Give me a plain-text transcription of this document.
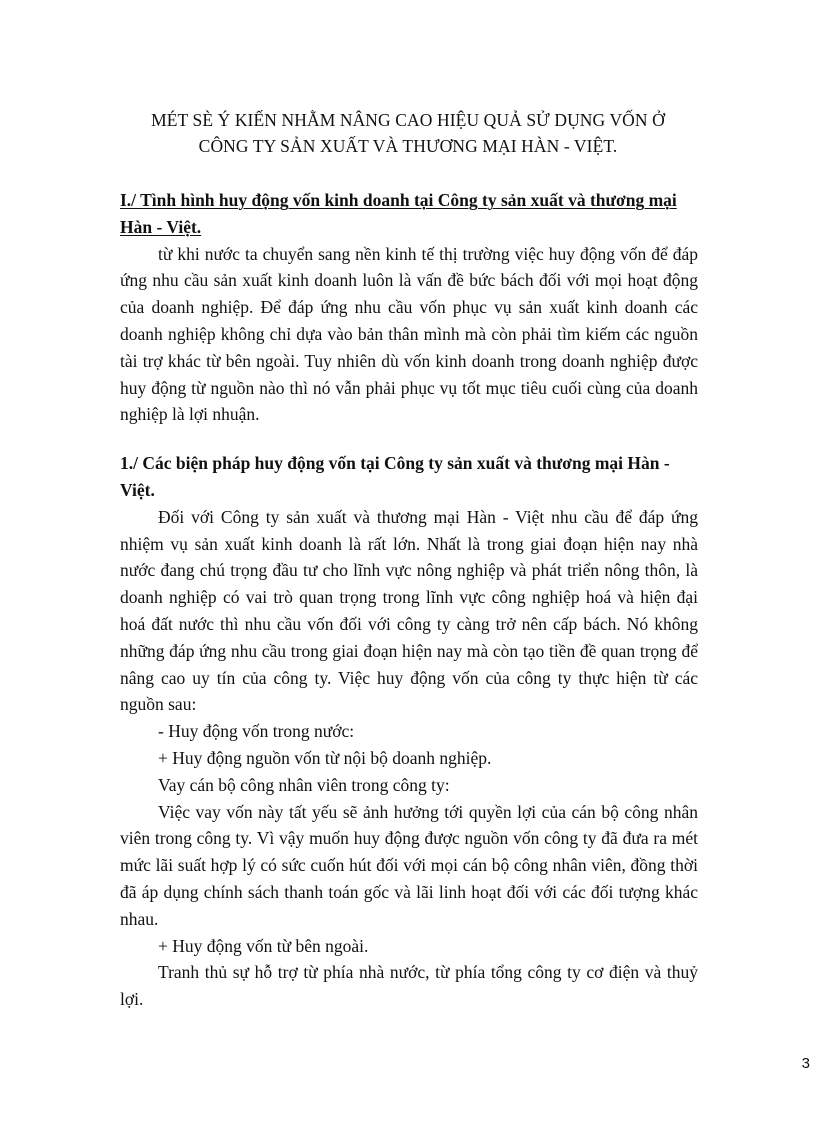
MÉT SÈ Ý KIẾN NHẰM NÂNG CAO HIỆU QUẢ SỬ DỤNG VỐN Ở
CÔNG TY SẢN XUẤT VÀ THƯƠNG MẠI HÀN - VIỆT.
I./ Tình hình huy động vốn kinh doanh tại Công ty sản xuất và thương mại Hàn - Việt.

từ khi nước ta chuyển sang nền kinh tế thị trường việc huy động vốn để đáp ứng nhu cầu sản xuất kinh doanh luôn là vấn đề bức bách đối với mọi hoạt động của doanh nghiệp. Để đáp ứng nhu cầu vốn phục vụ sản xuất kinh doanh các doanh nghiệp không chỉ dựa vào bản thân mình mà còn phải tìm kiếm các nguồn tài trợ khác từ bên ngoài. Tuy nhiên dù vốn kinh doanh trong doanh nghiệp được huy động từ nguồn nào thì nó vẫn phải phục vụ tốt mục tiêu cuối cùng của doanh nghiệp là lợi nhuận.

1./ Các biện pháp huy động vốn tại Công ty sản xuất và thương mại Hàn - Việt.

Đối với Công ty sản xuất và thương mại Hàn - Việt nhu cầu để đáp ứng nhiệm vụ sản xuất kinh doanh là rất lớn. Nhất là trong giai đoạn hiện nay nhà nước đang chú trọng đầu tư cho lĩnh vực nông nghiệp và phát triển nông thôn, là doanh nghiệp có vai trò quan trọng trong lĩnh vực công nghiệp hoá và hiện đại hoá đất nước thì nhu cầu vốn đối với công ty càng trở nên cấp bách. Nó không những đáp ứng nhu cầu trong giai đoạn hiện nay mà còn tạo tiền đề quan trọng để nâng cao uy tín của công ty. Việc huy động vốn của công ty thực hiện từ các nguồn sau:

- Huy động vốn trong nước:
+ Huy động nguồn vốn từ nội bộ doanh nghiệp.
Vay cán bộ công nhân viên trong công ty:

Việc vay vốn này tất yếu sẽ ảnh hưởng tới quyền lợi của cán bộ công nhân viên trong công ty. Vì vậy muốn huy động được nguồn vốn công ty đã đưa ra mét mức lãi suất hợp lý có sức cuốn hút đối với mọi cán bộ công nhân viên, đồng thời đã áp dụng chính sách thanh toán gốc và lãi linh hoạt đối với các đối tượng khác nhau.

+ Huy động vốn từ bên ngoài.

Tranh thủ sự hỗ trợ từ phía nhà nước, từ phía tổng công ty cơ điện và thuỷ lợi.

3
